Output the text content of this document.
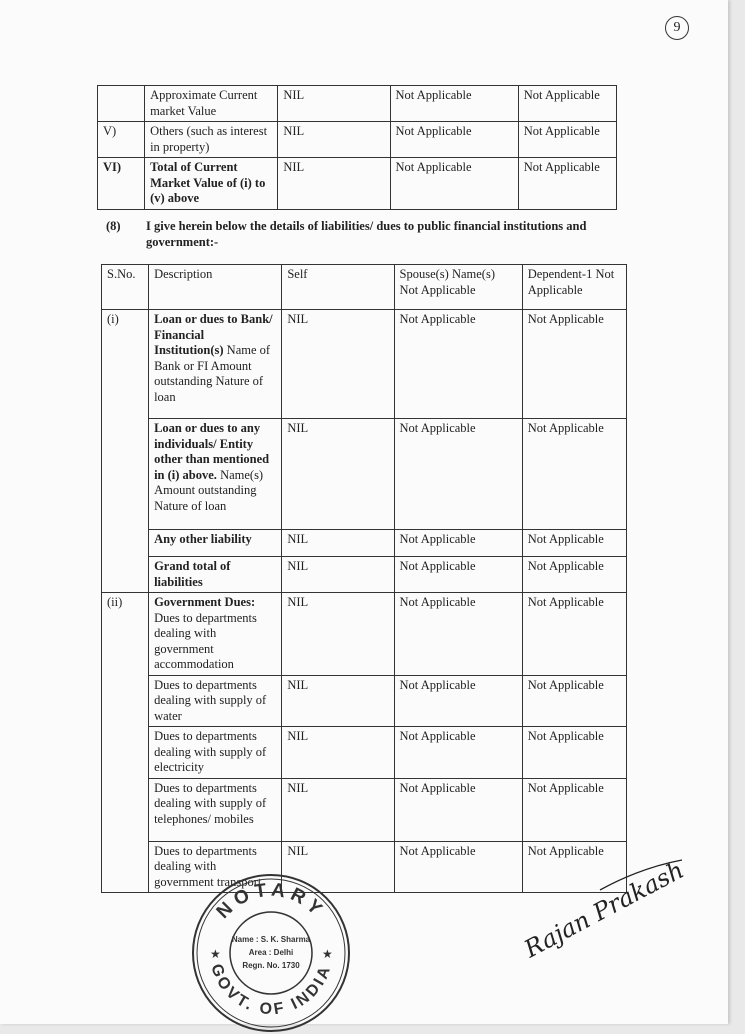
9
	Approximate Current market Value	NIL	Not Applicable	Not Applicable
V)	Others (such as interest in property)	NIL	Not Applicable	Not Applicable
VI)	Total of Current Market Value of (i) to (v) above	NIL	Not Applicable	Not Applicable
(8) I give herein below the details of liabilities/ dues to public financial institutions and government:-
S.No.	Description	Self	Spouse(s) Name(s) Not Applicable	Dependent-1 Not Applicable
(i)	Loan or dues to Bank/ Financial Institution(s) Name of Bank or FI Amount outstanding Nature of loan	NIL	Not Applicable	Not Applicable
	Loan or dues to any individuals/ Entity other than mentioned in (i) above. Name(s) Amount outstanding Nature of loan	NIL	Not Applicable	Not Applicable
	Any other liability	NIL	Not Applicable	Not Applicable
	Grand total of liabilities	NIL	Not Applicable	Not Applicable
(ii)	Government Dues: Dues to departments dealing with government accommodation	NIL	Not Applicable	Not Applicable
	Dues to departments dealing with supply of water	NIL	Not Applicable	Not Applicable
	Dues to departments dealing with supply of electricity	NIL	Not Applicable	Not Applicable
	Dues to departments dealing with supply of telephones/ mobiles	NIL	Not Applicable	Not Applicable
	Dues to departments dealing with government transport	NIL	Not Applicable	Not Applicable
NOTARY
GOVT. OF INDIA
★	★
Name : S. K. Sharma
Area : Delhi
Regn. No. 1730
Rajan Prakash
